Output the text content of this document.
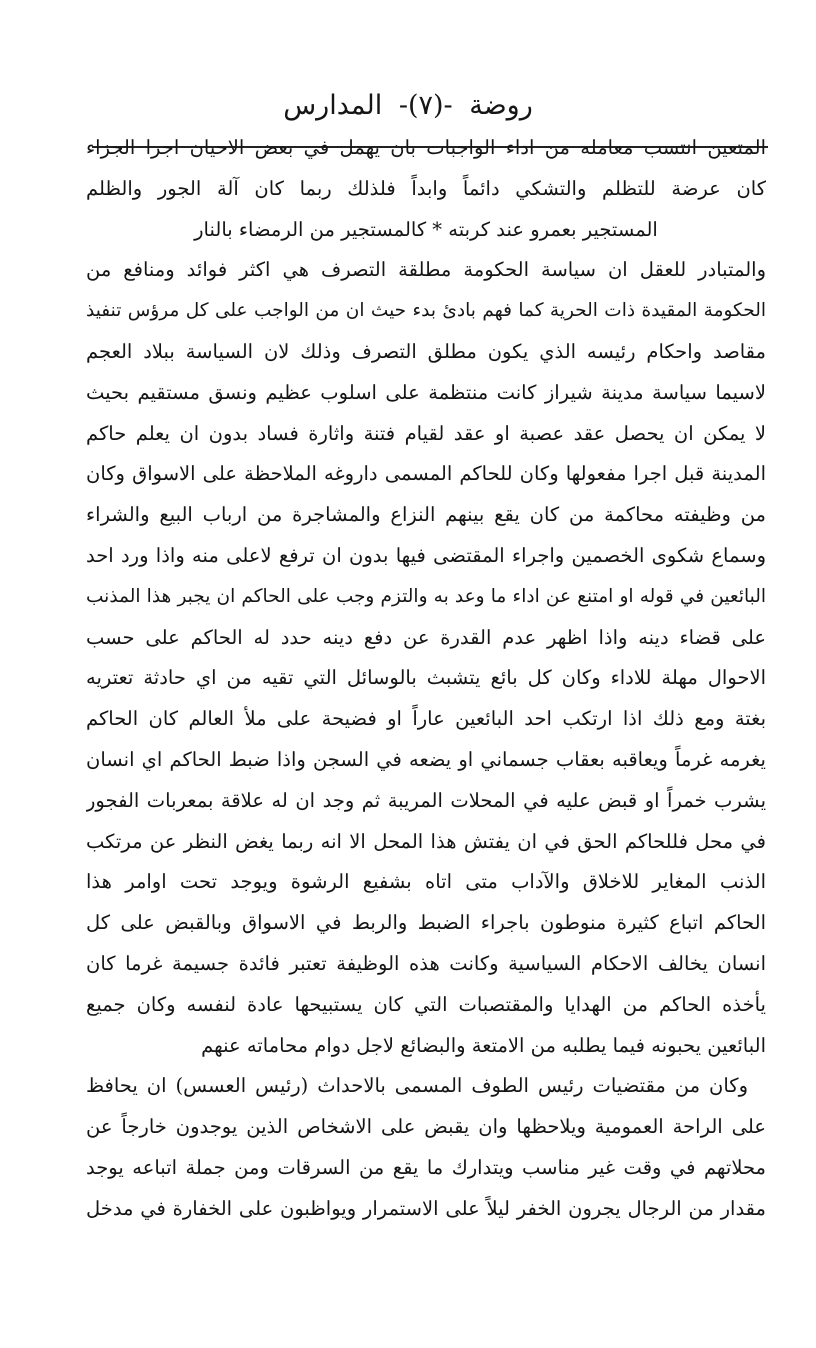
روضة -(٧)- المدارس
المتعين انتسب معامله من اداء الواجبات بان يهمل في بعض الاحيان اجرا الجزاء
كان عرضة للتظلم والتشكي دائماً وابداً فلذلك ربما كان آلة الجور والظلم
المستجير بعمرو عند كربته * كالمستجير من الرمضاء بالنار
والمتبادر للعقل ان سياسة الحكومة مطلقة التصرف هي اكثر فوائد ومنافع من
الحكومة المقيدة ذات الحرية كما فهم بادئ بدء حيث ان من الواجب على كل مرؤس تنفيذ
مقاصد واحكام رئيسه الذي يكون مطلق التصرف وذلك لان السياسة ببلاد العجم
لاسيما سياسة مدينة شيراز كانت منتظمة على اسلوب عظيم ونسق مستقيم بحيث
لا يمكن ان يحصل عقد عصبة او عقد لقيام فتنة واثارة فساد بدون ان يعلم حاكم
المدينة قبل اجرا مفعولها وكان للحاكم المسمى داروغه الملاحظة على الاسواق وكان
من وظيفته محاكمة من كان يقع بينهم النزاع والمشاجرة من ارباب البيع والشراء
وسماع شكوى الخصمين واجراء المقتضى فيها بدون ان ترفع لاعلى منه واذا ورد احد
البائعين في قوله او امتنع عن اداء ما وعد به والتزم وجب على الحاكم ان يجبر هذا المذنب
على قضاء دينه واذا اظهر عدم القدرة عن دفع دينه حدد له الحاكم على حسب
الاحوال مهلة للاداء وكان كل بائع يتشبث بالوسائل التي تقيه من اي حادثة تعتريه
بغتة ومع ذلك اذا ارتكب احد البائعين عاراً او فضيحة على ملأ العالم كان الحاكم
يغرمه غرماً ويعاقبه بعقاب جسماني او يضعه في السجن واذا ضبط الحاكم اي انسان
يشرب خمراً او قبض عليه في المحلات المريبة ثم وجد ان له علاقة بمعربات الفجور
في محل فللحاكم الحق في ان يفتش هذا المحل الا انه ربما يغض النظر عن مرتكب
الذنب المغاير للاخلاق والآداب متى اتاه بشفيع الرشوة ويوجد تحت اوامر هذا
الحاكم اتباع كثيرة منوطون باجراء الضبط والربط في الاسواق وبالقبض على كل
انسان يخالف الاحكام السياسية وكانت هذه الوظيفة تعتبر فائدة جسيمة غرما كان
يأخذه الحاكم من الهدايا والمقتصبات التي كان يستبيحها عادة لنفسه وكان جميع
البائعين يحبونه فيما يطلبه من الامتعة والبضائع لاجل دوام محاماته عنهم
وكان من مقتضيات رئيس الطوف المسمى بالاحداث (رئيس العسس) ان يحافظ
على الراحة العمومية ويلاحظها وان يقبض على الاشخاص الذين يوجدون خارجاً عن
محلاتهم في وقت غير مناسب ويتدارك ما يقع من السرقات ومن جملة اتباعه يوجد
مقدار من الرجال يجرون الخفر ليلاً على الاستمرار ويواظبون على الخفارة في مدخل
